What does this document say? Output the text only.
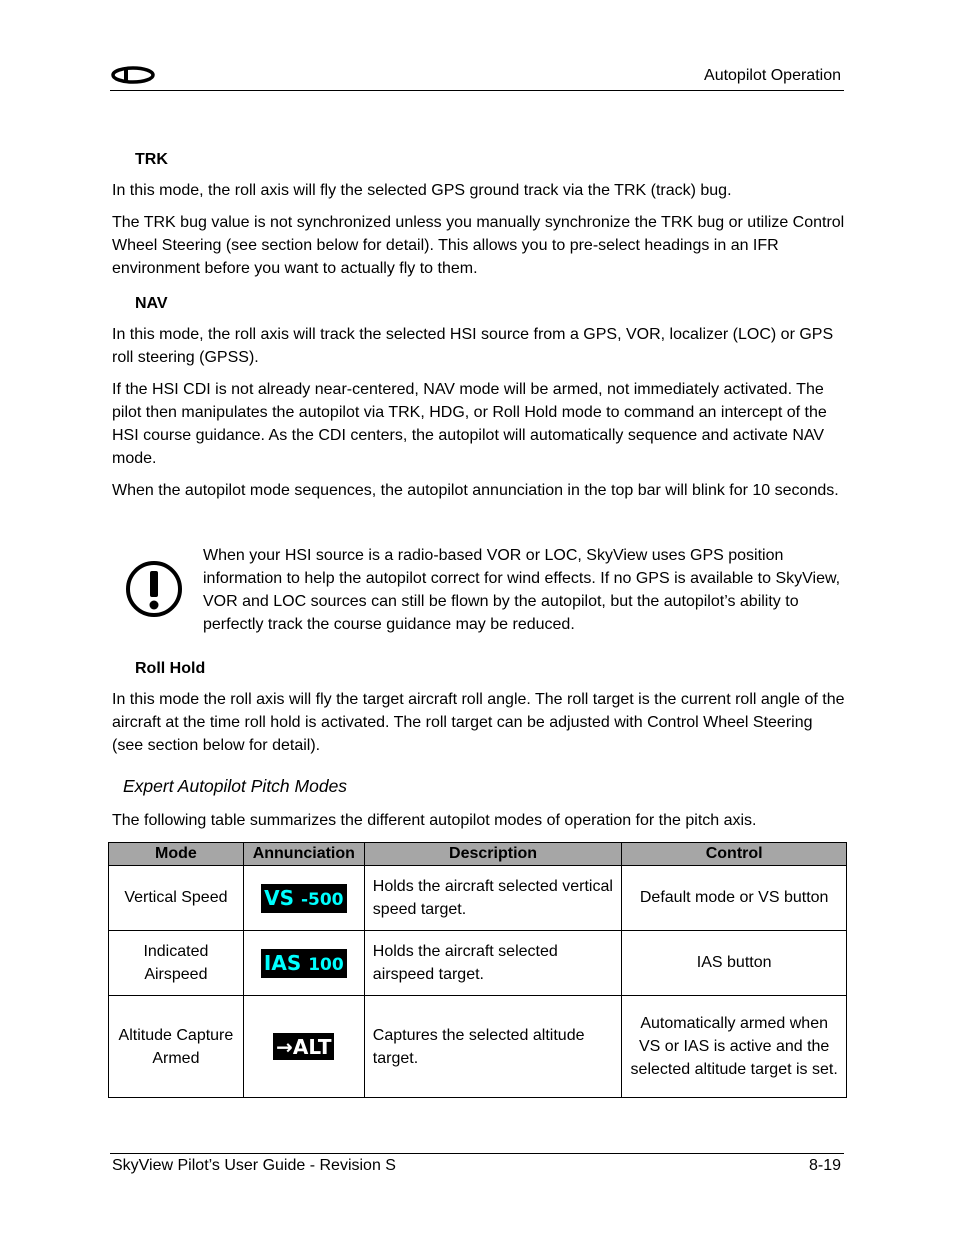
Autopilot Operation
TRK
In this mode, the roll axis will fly the selected GPS ground track via the TRK (track) bug.
The TRK bug value is not synchronized unless you manually synchronize the TRK bug or utilize Control Wheel Steering (see section below for detail). This allows you to pre-select headings in an IFR environment before you want to actually fly to them.
NAV
In this mode, the roll axis will track the selected HSI source from a GPS, VOR, localizer (LOC) or GPS roll steering (GPSS).
If the HSI CDI is not already near-centered, NAV mode will be armed, not immediately activated. The pilot then manipulates the autopilot via TRK, HDG, or Roll Hold mode to command an intercept of the HSI course guidance. As the CDI centers, the autopilot will automatically sequence and activate NAV mode.
When the autopilot mode sequences, the autopilot annunciation in the top bar will blink for 10 seconds.
When your HSI source is a radio-based VOR or LOC, SkyView uses GPS position information to help the autopilot correct for wind effects. If no GPS is available to SkyView, VOR and LOC sources can still be flown by the autopilot, but the autopilot’s ability to perfectly track the course guidance may be reduced.
Roll Hold
In this mode the roll axis will fly the target aircraft roll angle. The roll target is the current roll angle of the aircraft at the time roll hold is activated. The roll target can be adjusted with Control Wheel Steering (see section below for detail).
Expert Autopilot Pitch Modes
The following table summarizes the different autopilot modes of operation for the pitch axis.
Mode	Annunciation	Description	Control
Vertical Speed	VS -500	Holds the aircraft selected vertical speed target.	Default mode or VS button
Indicated Airspeed	IAS 100	Holds the aircraft selected airspeed target.	IAS button
Altitude Capture Armed	→ALT	Captures the selected altitude target.	Automatically armed when VS or IAS is active and the selected altitude target is set.
SkyView Pilot’s User Guide - Revision S	8-19
